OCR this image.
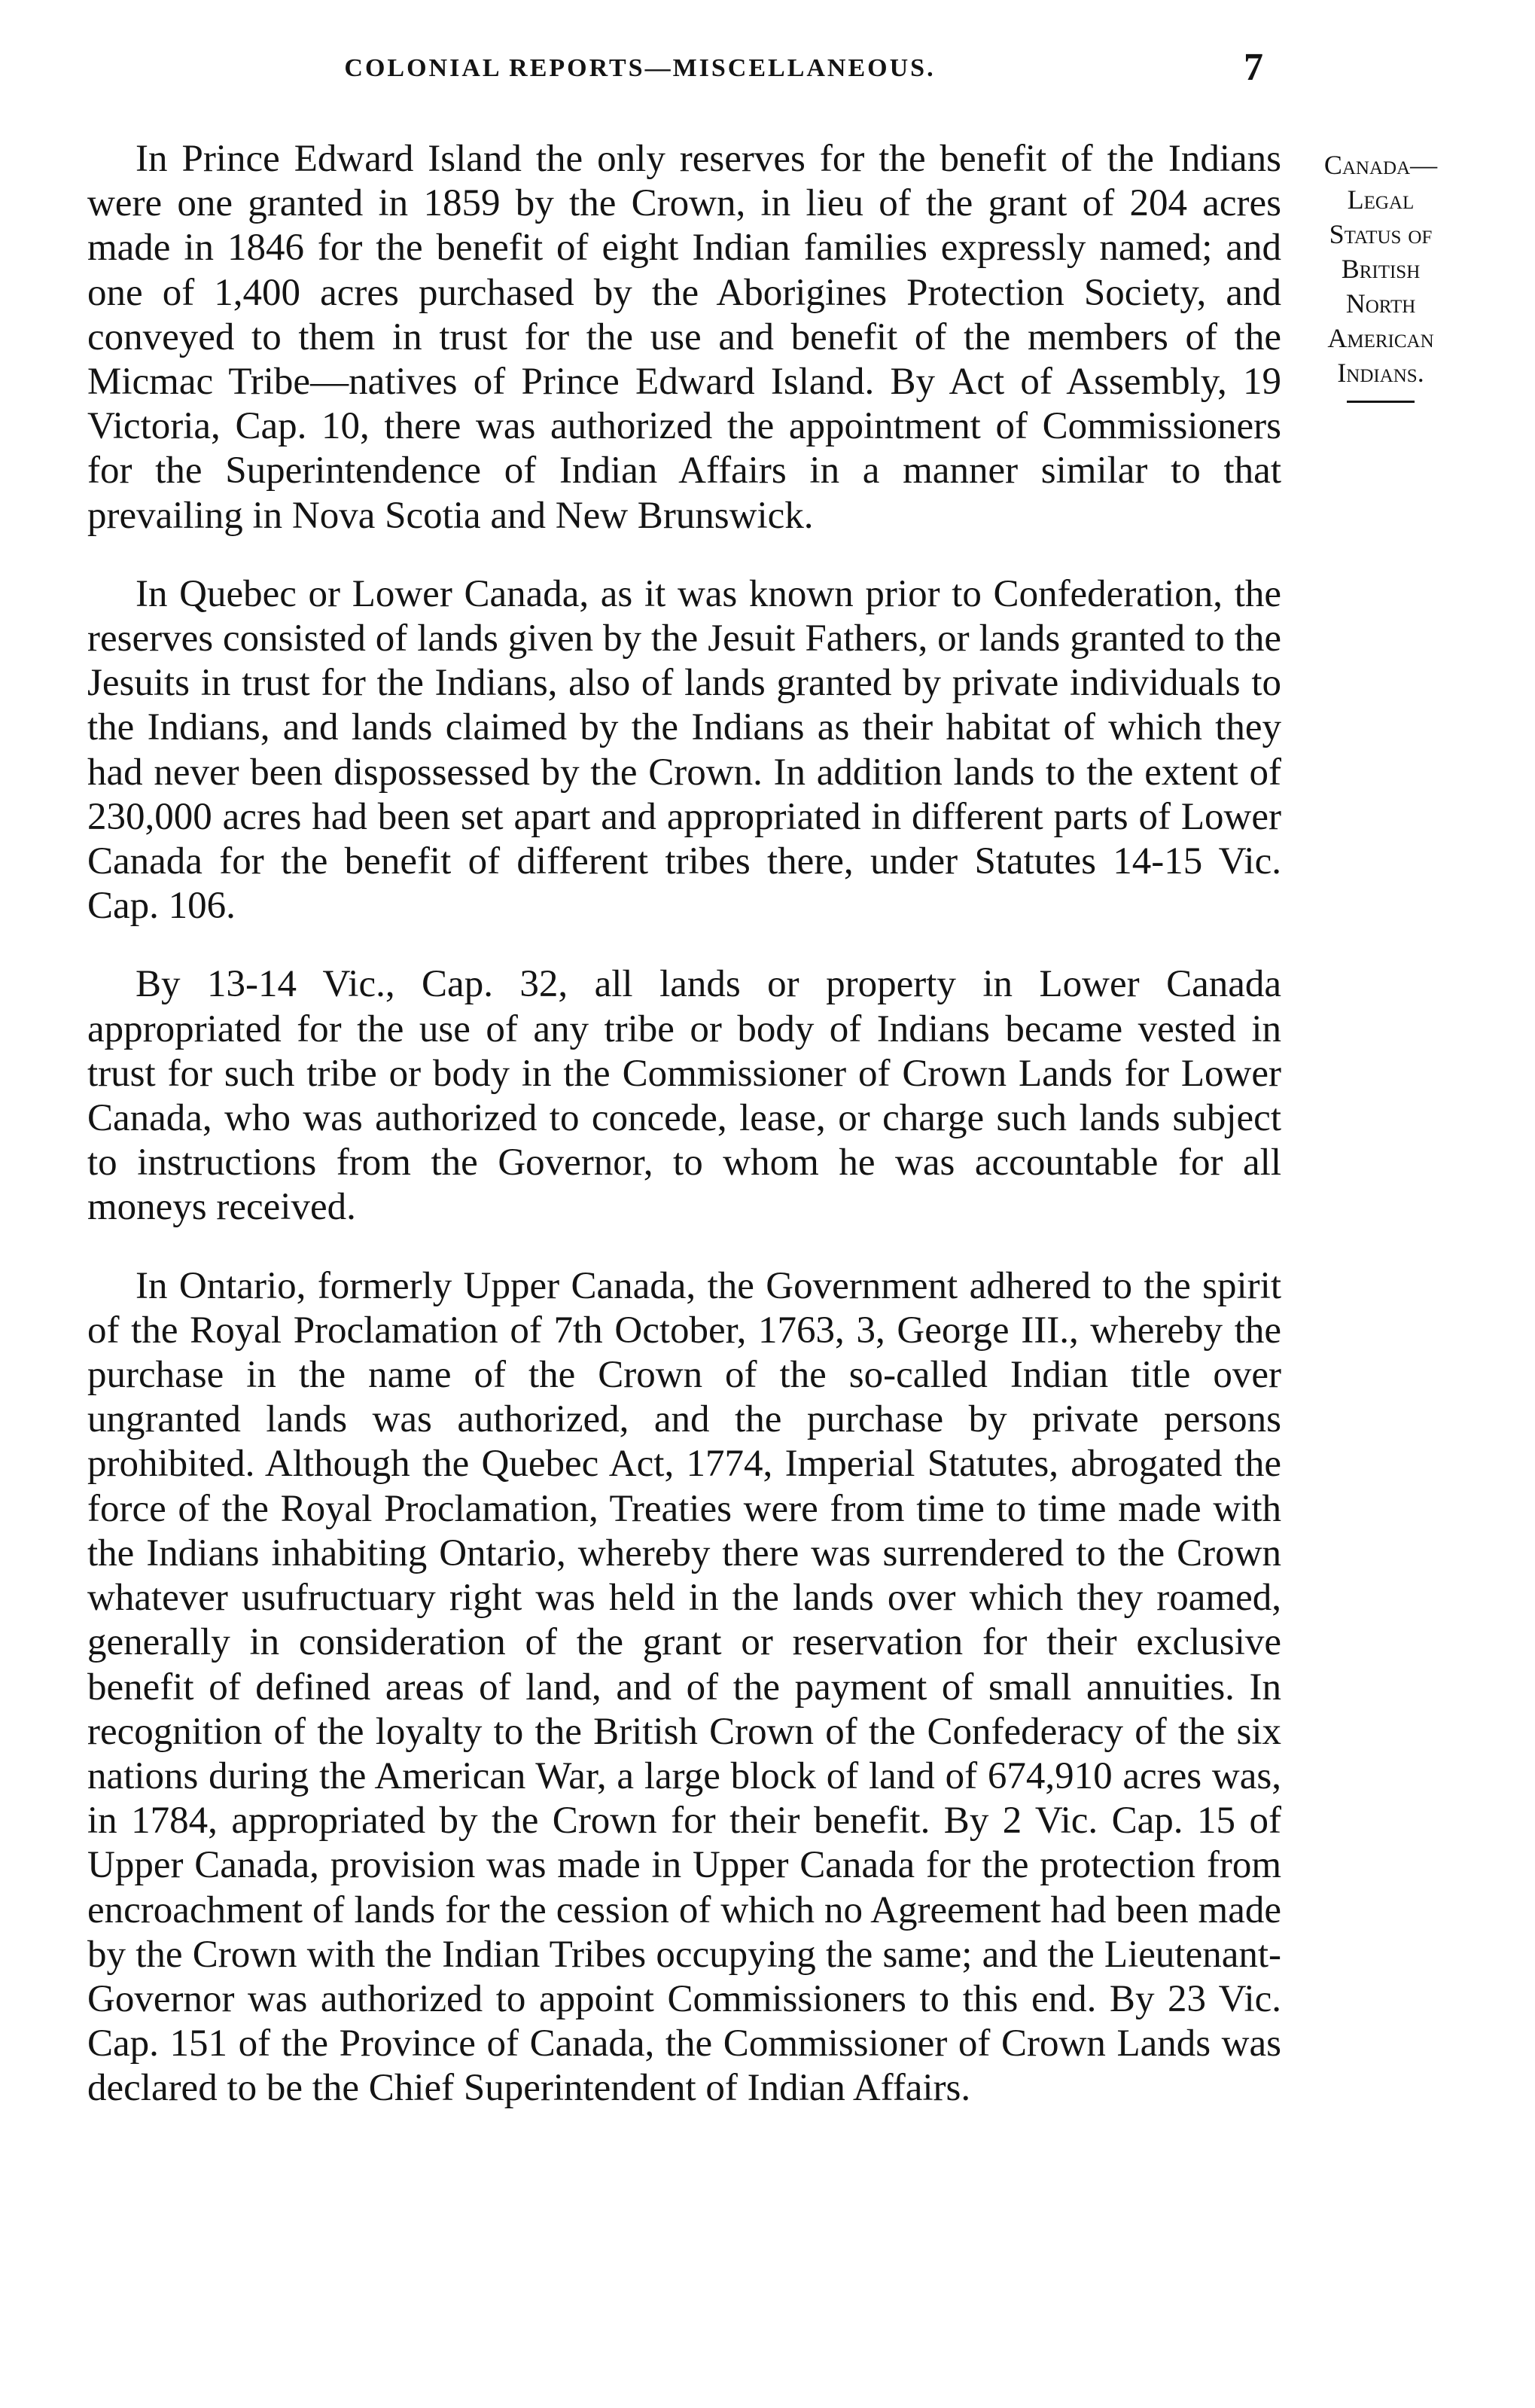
COLONIAL REPORTS—MISCELLANEOUS.	7

In Prince Edward Island the only reserves for the benefit of the Indians were one granted in 1859 by the Crown, in lieu of the grant of 204 acres made in 1846 for the benefit of eight Indian families expressly named; and one of 1,400 acres purchased by the Aborigines Protection Society, and conveyed to them in trust for the use and benefit of the members of the Micmac Tribe—natives of Prince Edward Island. By Act of Assembly, 19 Victoria, Cap. 10, there was authorized the appointment of Commissioners for the Superintendence of Indian Affairs in a manner similar to that prevailing in Nova Scotia and New Brunswick.

In Quebec or Lower Canada, as it was known prior to Confederation, the reserves consisted of lands given by the Jesuit Fathers, or lands granted to the Jesuits in trust for the Indians, also of lands granted by private individuals to the Indians, and lands claimed by the Indians as their habitat of which they had never been dispossessed by the Crown. In addition lands to the extent of 230,000 acres had been set apart and appropriated in different parts of Lower Canada for the benefit of different tribes there, under Statutes 14-15 Vic. Cap. 106.

By 13-14 Vic., Cap. 32, all lands or property in Lower Canada appropriated for the use of any tribe or body of Indians became vested in trust for such tribe or body in the Commissioner of Crown Lands for Lower Canada, who was authorized to concede, lease, or charge such lands subject to instructions from the Governor, to whom he was accountable for all moneys received.

In Ontario, formerly Upper Canada, the Government adhered to the spirit of the Royal Proclamation of 7th October, 1763, 3, George III., whereby the purchase in the name of the Crown of the so-called Indian title over ungranted lands was authorized, and the purchase by private persons prohibited. Although the Quebec Act, 1774, Imperial Statutes, abrogated the force of the Royal Proclamation, Treaties were from time to time made with the Indians inhabiting Ontario, whereby there was surrendered to the Crown whatever usufructuary right was held in the lands over which they roamed, generally in consideration of the grant or reservation for their exclusive benefit of defined areas of land, and of the payment of small annuities. In recognition of the loyalty to the British Crown of the Confederacy of the six nations during the American War, a large block of land of 674,910 acres was, in 1784, appropriated by the Crown for their benefit. By 2 Vic. Cap. 15 of Upper Canada, provision was made in Upper Canada for the protection from encroachment of lands for the cession of which no Agreement had been made by the Crown with the Indian Tribes occupying the same; and the Lieutenant-Governor was authorized to appoint Commissioners to this end. By 23 Vic. Cap. 151 of the Province of Canada, the Commissioner of Crown Lands was declared to be the Chief Superintendent of Indian Affairs.

Canada—
Legal
Status of
British
North
American
Indians.
